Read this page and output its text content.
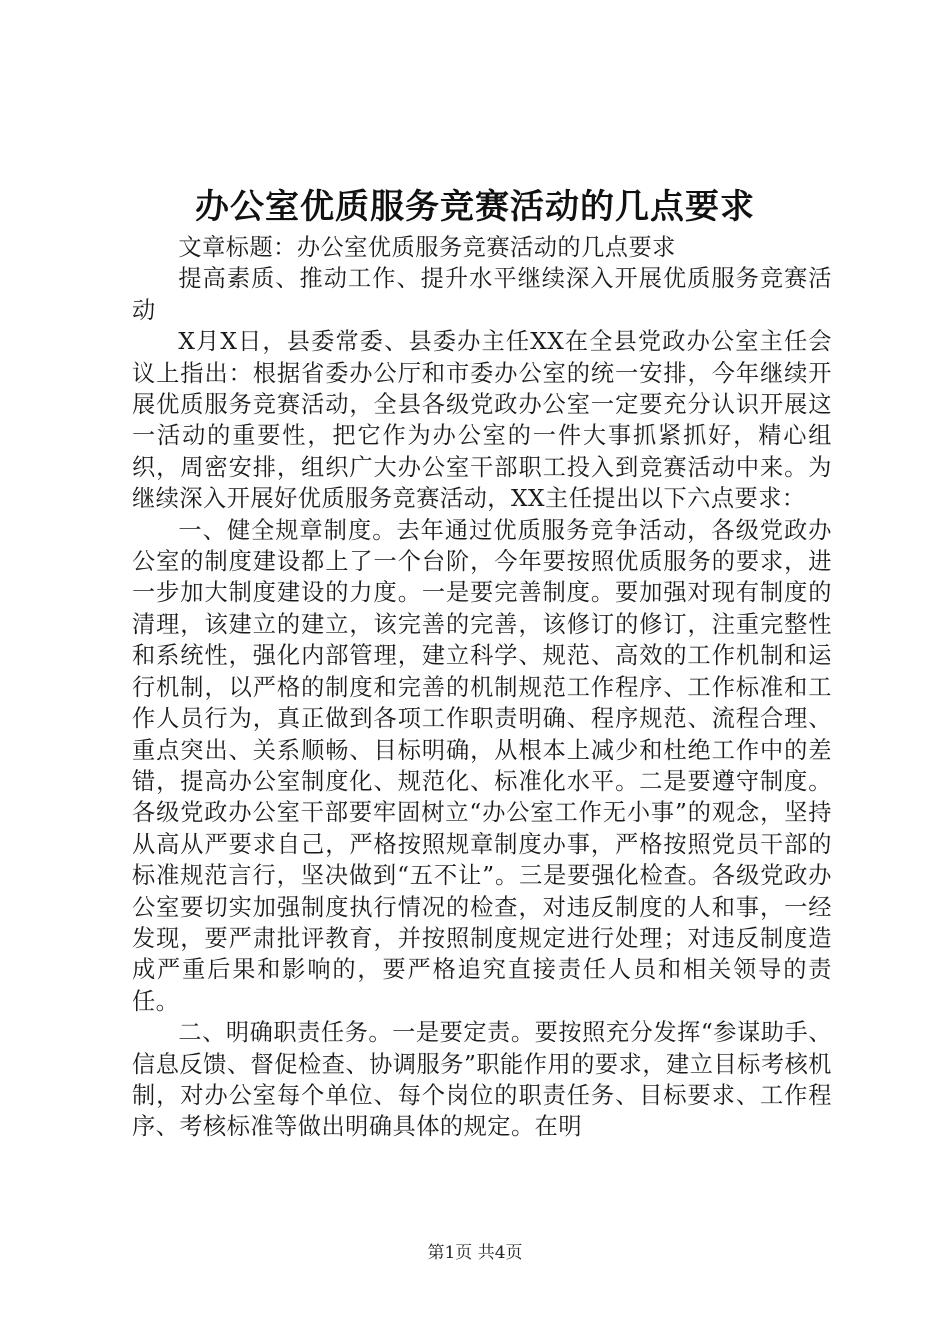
办公室优质服务竞赛活动的几点要求

文章标题：办公室优质服务竞赛活动的几点要求

提高素质、推动工作、提升水平继续深入开展优质服务竞赛活动

X月X日，县委常委、县委办主任XX在全县党政办公室主任会议上指出：根据省委办公厅和市委办公室的统一安排，今年继续开展优质服务竞赛活动，全县各级党政办公室一定要充分认识开展这一活动的重要性，把它作为办公室的一件大事抓紧抓好，精心组织，周密安排，组织广大办公室干部职工投入到竞赛活动中来。为继续深入开展好优质服务竞赛活动，XX主任提出以下六点要求：

一、健全规章制度。去年通过优质服务竞争活动，各级党政办公室的制度建设都上了一个台阶，今年要按照优质服务的要求，进一步加大制度建设的力度。一是要完善制度。要加强对现有制度的清理，该建立的建立，该完善的完善，该修订的修订，注重完整性和系统性，强化内部管理，建立科学、规范、高效的工作机制和运行机制，以严格的制度和完善的机制规范工作程序、工作标准和工作人员行为，真正做到各项工作职责明确、程序规范、流程合理、重点突出、关系顺畅、目标明确，从根本上减少和杜绝工作中的差错，提高办公室制度化、规范化、标准化水平。二是要遵守制度。各级党政办公室干部要牢固树立“办公室工作无小事”的观念，坚持从高从严要求自己，严格按照规章制度办事，严格按照党员干部的标准规范言行，坚决做到“五不让”。三是要强化检查。各级党政办公室要切实加强制度执行情况的检查，对违反制度的人和事，一经发现，要严肃批评教育，并按照制度规定进行处理；对违反制度造成严重后果和影响的，要严格追究直接责任人员和相关领导的责任。

二、明确职责任务。一是要定责。要按照充分发挥“参谋助手、信息反馈、督促检查、协调服务”职能作用的要求，建立目标考核机制，对办公室每个单位、每个岗位的职责任务、目标要求、工作程序、考核标准等做出明确具体的规定。在明

第1页 共4页
